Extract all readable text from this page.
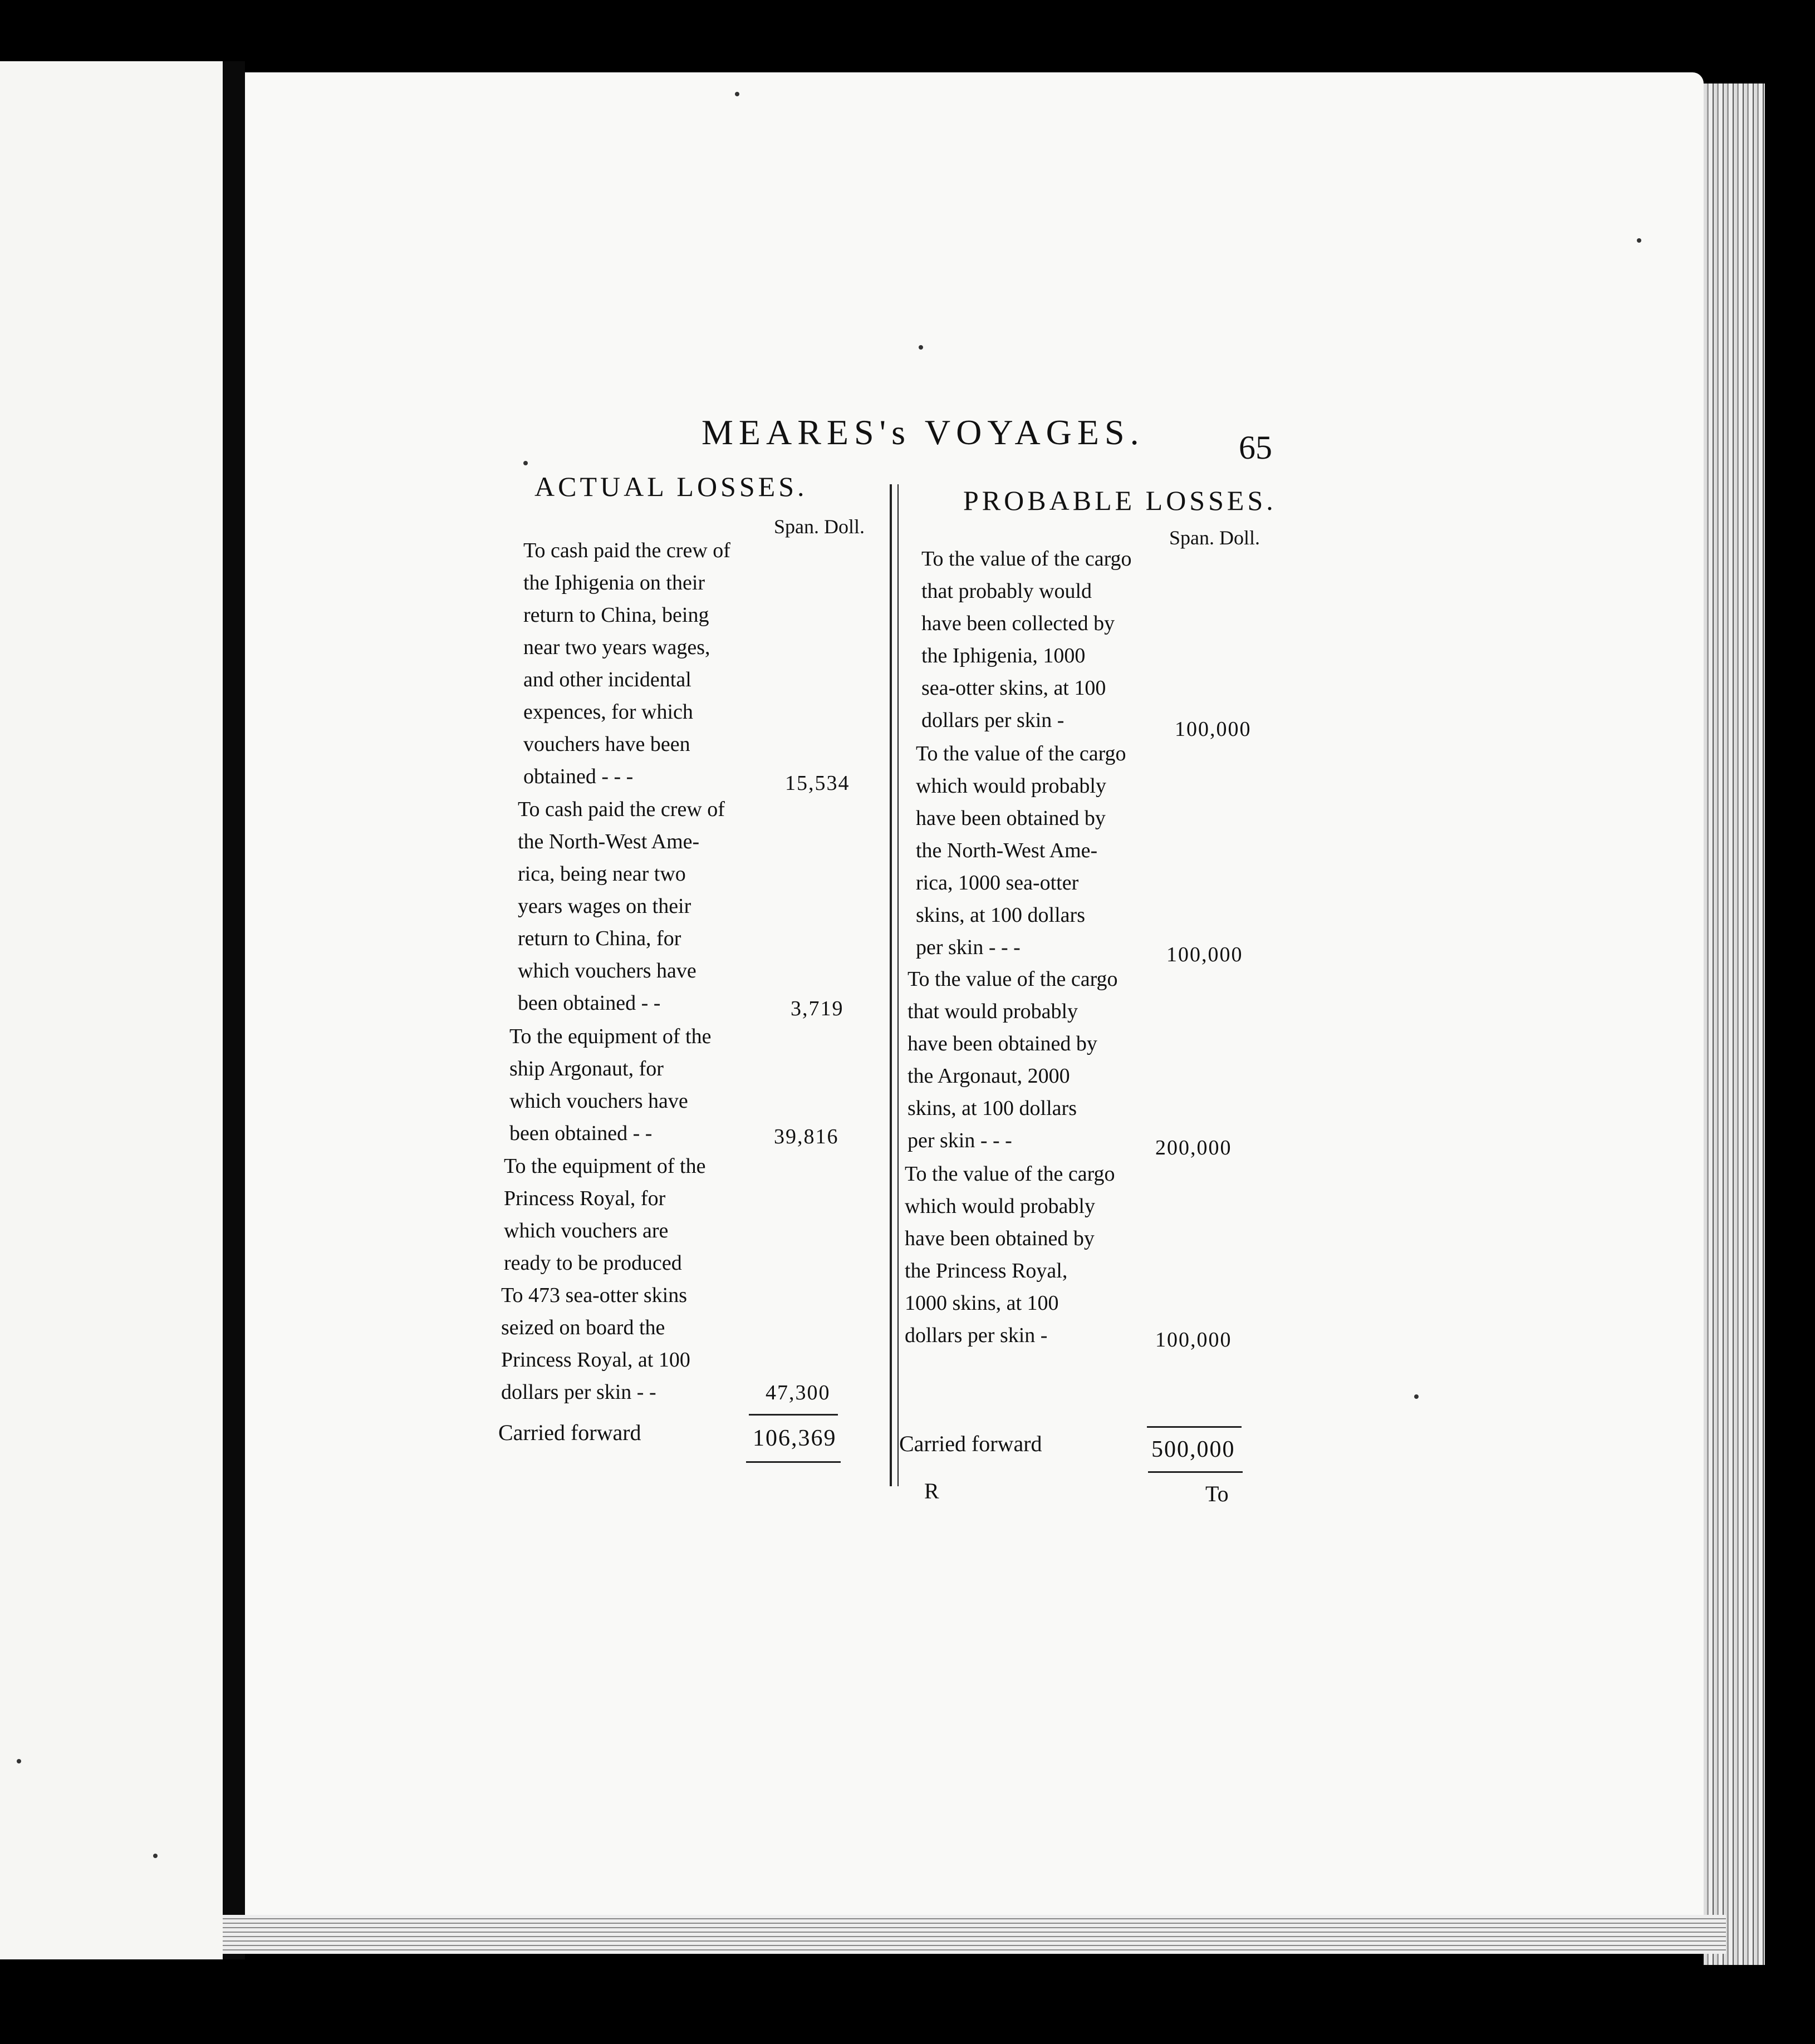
MEARES's VOYAGES.	65
ACTUAL LOSSES.
Span. Doll.
PROBABLE LOSSES.
Span. Doll.
To cash paid the crew of
the Iphigenia on their
return to China, being
near two years wages,
and other incidental
expences, for which
vouchers have been
obtained - - -	15,534
To cash paid the crew of
the North-West Ame-
rica, being near two
years wages on their
return to China, for
which vouchers have
been obtained - -	3,719
To the equipment of the
ship Argonaut, for
which vouchers have
been obtained - -	39,816
To the equipment of the
Princess Royal, for
which vouchers are
ready to be produced
To 473 sea-otter skins
seized on board the
Princess Royal, at 100
dollars per skin - -	47,300
Carried forward	106,369
To the value of the cargo
that probably would
have been collected by
the Iphigenia, 1000
sea-otter skins, at 100
dollars per skin -	100,000
To the value of the cargo
which would probably
have been obtained by
the North-West Ame-
rica, 1000 sea-otter
skins, at 100 dollars
per skin - - -	100,000
To the value of the cargo
that would probably
have been obtained by
the Argonaut, 2000
skins, at 100 dollars
per skin - - -	200,000
To the value of the cargo
which would probably
have been obtained by
the Princess Royal,
1000 skins, at 100
dollars per skin -	100,000
Carried forward	500,000
R	To
